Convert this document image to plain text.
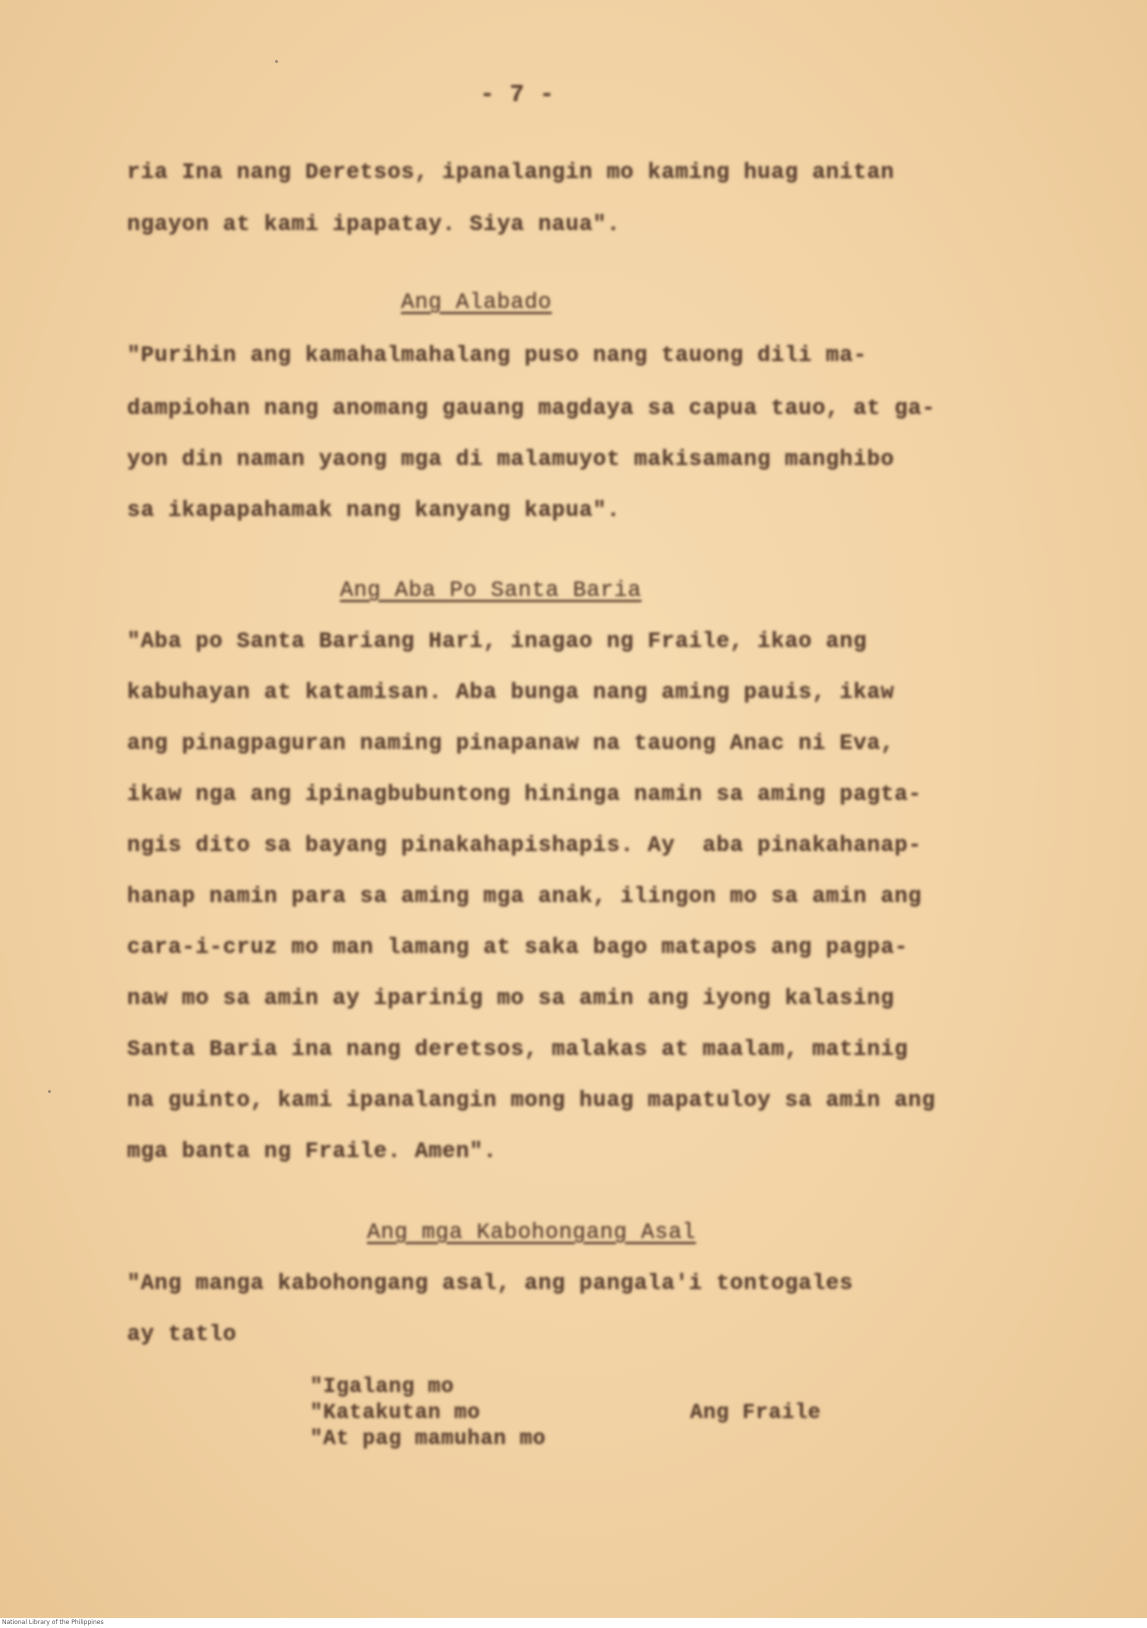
- 7 -

ria Ina nang Deretsos, ipanalangin mo kaming huag anitan

ngayon at kami ipapatay. Siya naua".

Ang Alabado

"Purihin ang kamahalmahalang puso nang tauong dili ma-

dampiohan nang anomang gauang magdaya sa capua tauo, at ga-

yon din naman yaong mga di malamuyot makisamang manghibo

sa ikapapahamak nang kanyang kapua".

Ang Aba Po Santa Baria

"Aba po Santa Bariang Hari, inagao ng Fraile, ikao ang

kabuhayan at katamisan. Aba bunga nang aming pauis, ikaw

ang pinagpaguran naming pinapanaw na tauong Anac ni Eva,

ikaw nga ang ipinagbubuntong hininga namin sa aming pagta-

ngis dito sa bayang pinakahapishapis. Ay  aba pinakahanap-

hanap namin para sa aming mga anak, ilingon mo sa amin ang

cara-i-cruz mo man lamang at saka bago matapos ang pagpa-

naw mo sa amin ay iparinig mo sa amin ang iyong kalasing

Santa Baria ina nang deretsos, malakas at maalam, matinig

na guinto, kami ipanalangin mong huag mapatuloy sa amin ang

mga banta ng Fraile. Amen".

Ang mga Kabohongang Asal

"Ang manga kabohongang asal, ang pangala'i tontogales

ay tatlo

"Igalang mo

"Katakutan mo

"At pag mamuhan mo

Ang Fraile

National Library of the Philippines
